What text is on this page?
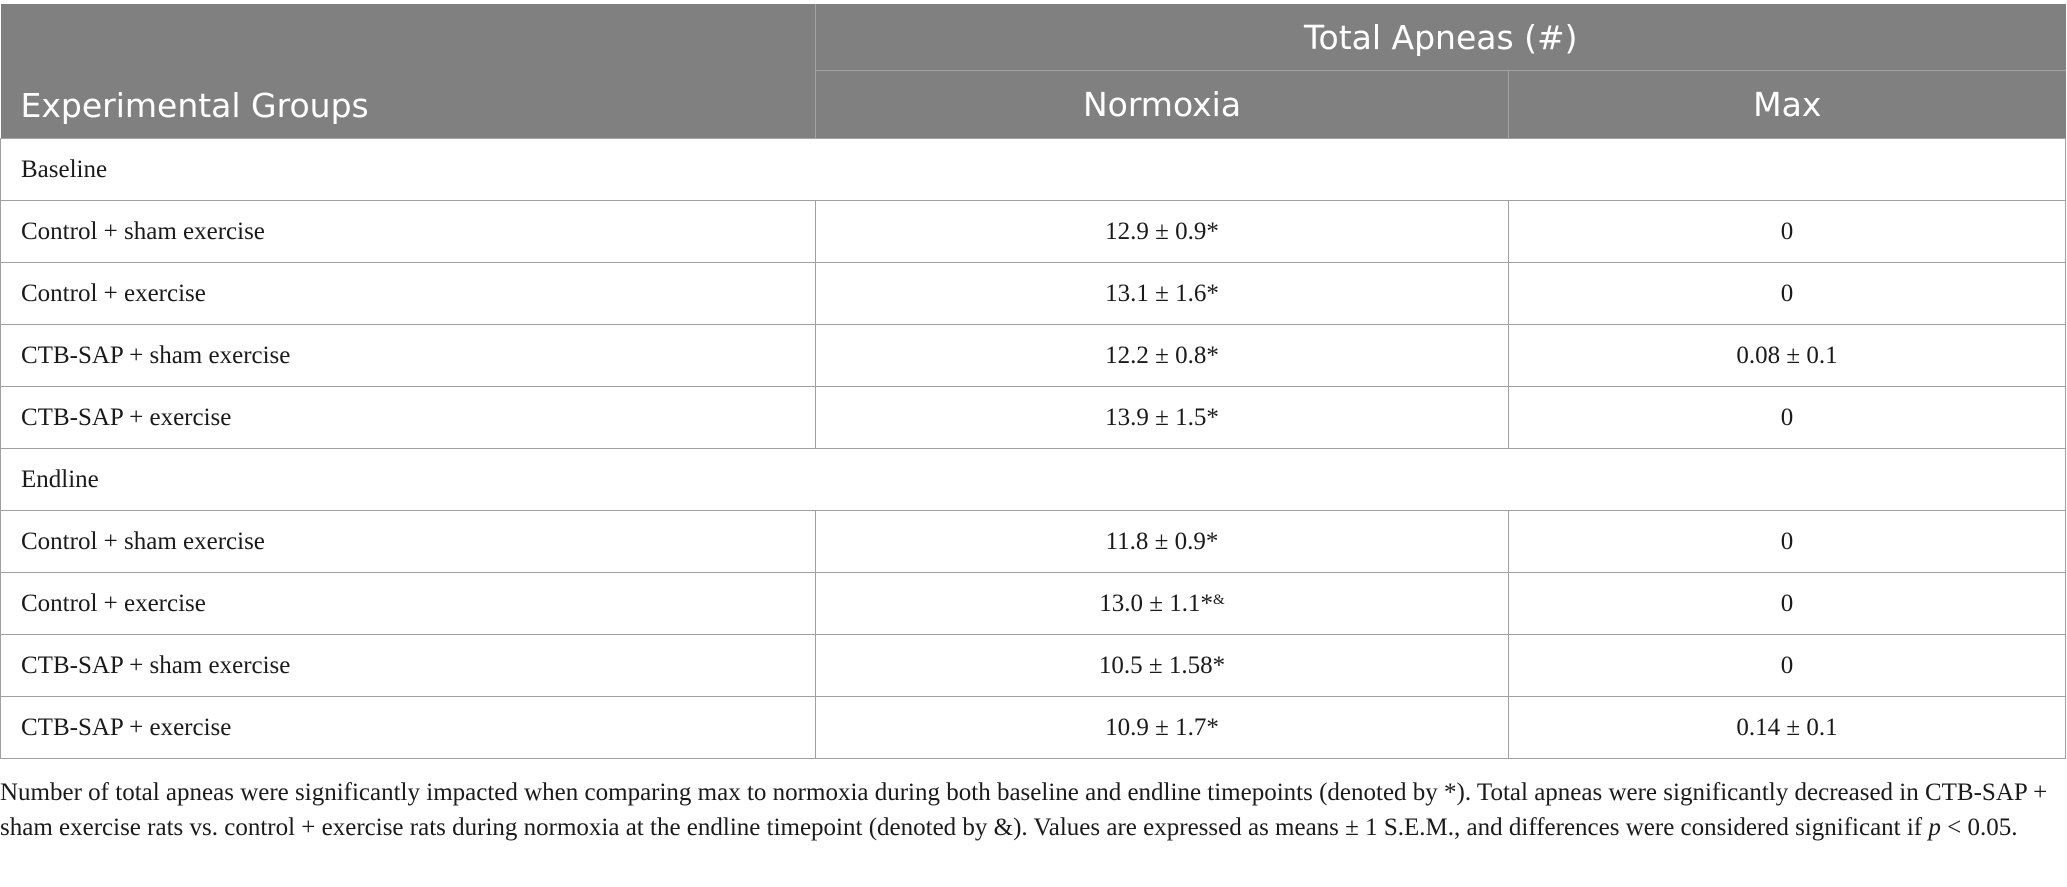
Experimental Groups	Total Apneas (#)	
	Normoxia	Max
Baseline		
Control + sham exercise	12.9 ± 0.9*	0
Control + exercise	13.1 ± 1.6*	0
CTB-SAP + sham exercise	12.2 ± 0.8*	0.08 ± 0.1
CTB-SAP + exercise	13.9 ± 1.5*	0
Endline		
Control + sham exercise	11.8 ± 0.9*	0
Control + exercise	13.0 ± 1.1*&	0
CTB-SAP + sham exercise	10.5 ± 1.58*	0
CTB-SAP + exercise	10.9 ± 1.7*	0.14 ± 0.1
Number of total apneas were significantly impacted when comparing max to normoxia during both baseline and endline timepoints (denoted by *). Total apneas were significantly decreased in CTB-SAP + sham exercise rats vs. control + exercise rats during normoxia at the endline timepoint (denoted by &). Values are expressed as means ± 1 S.E.M., and differences were considered significant if p < 0.05.
